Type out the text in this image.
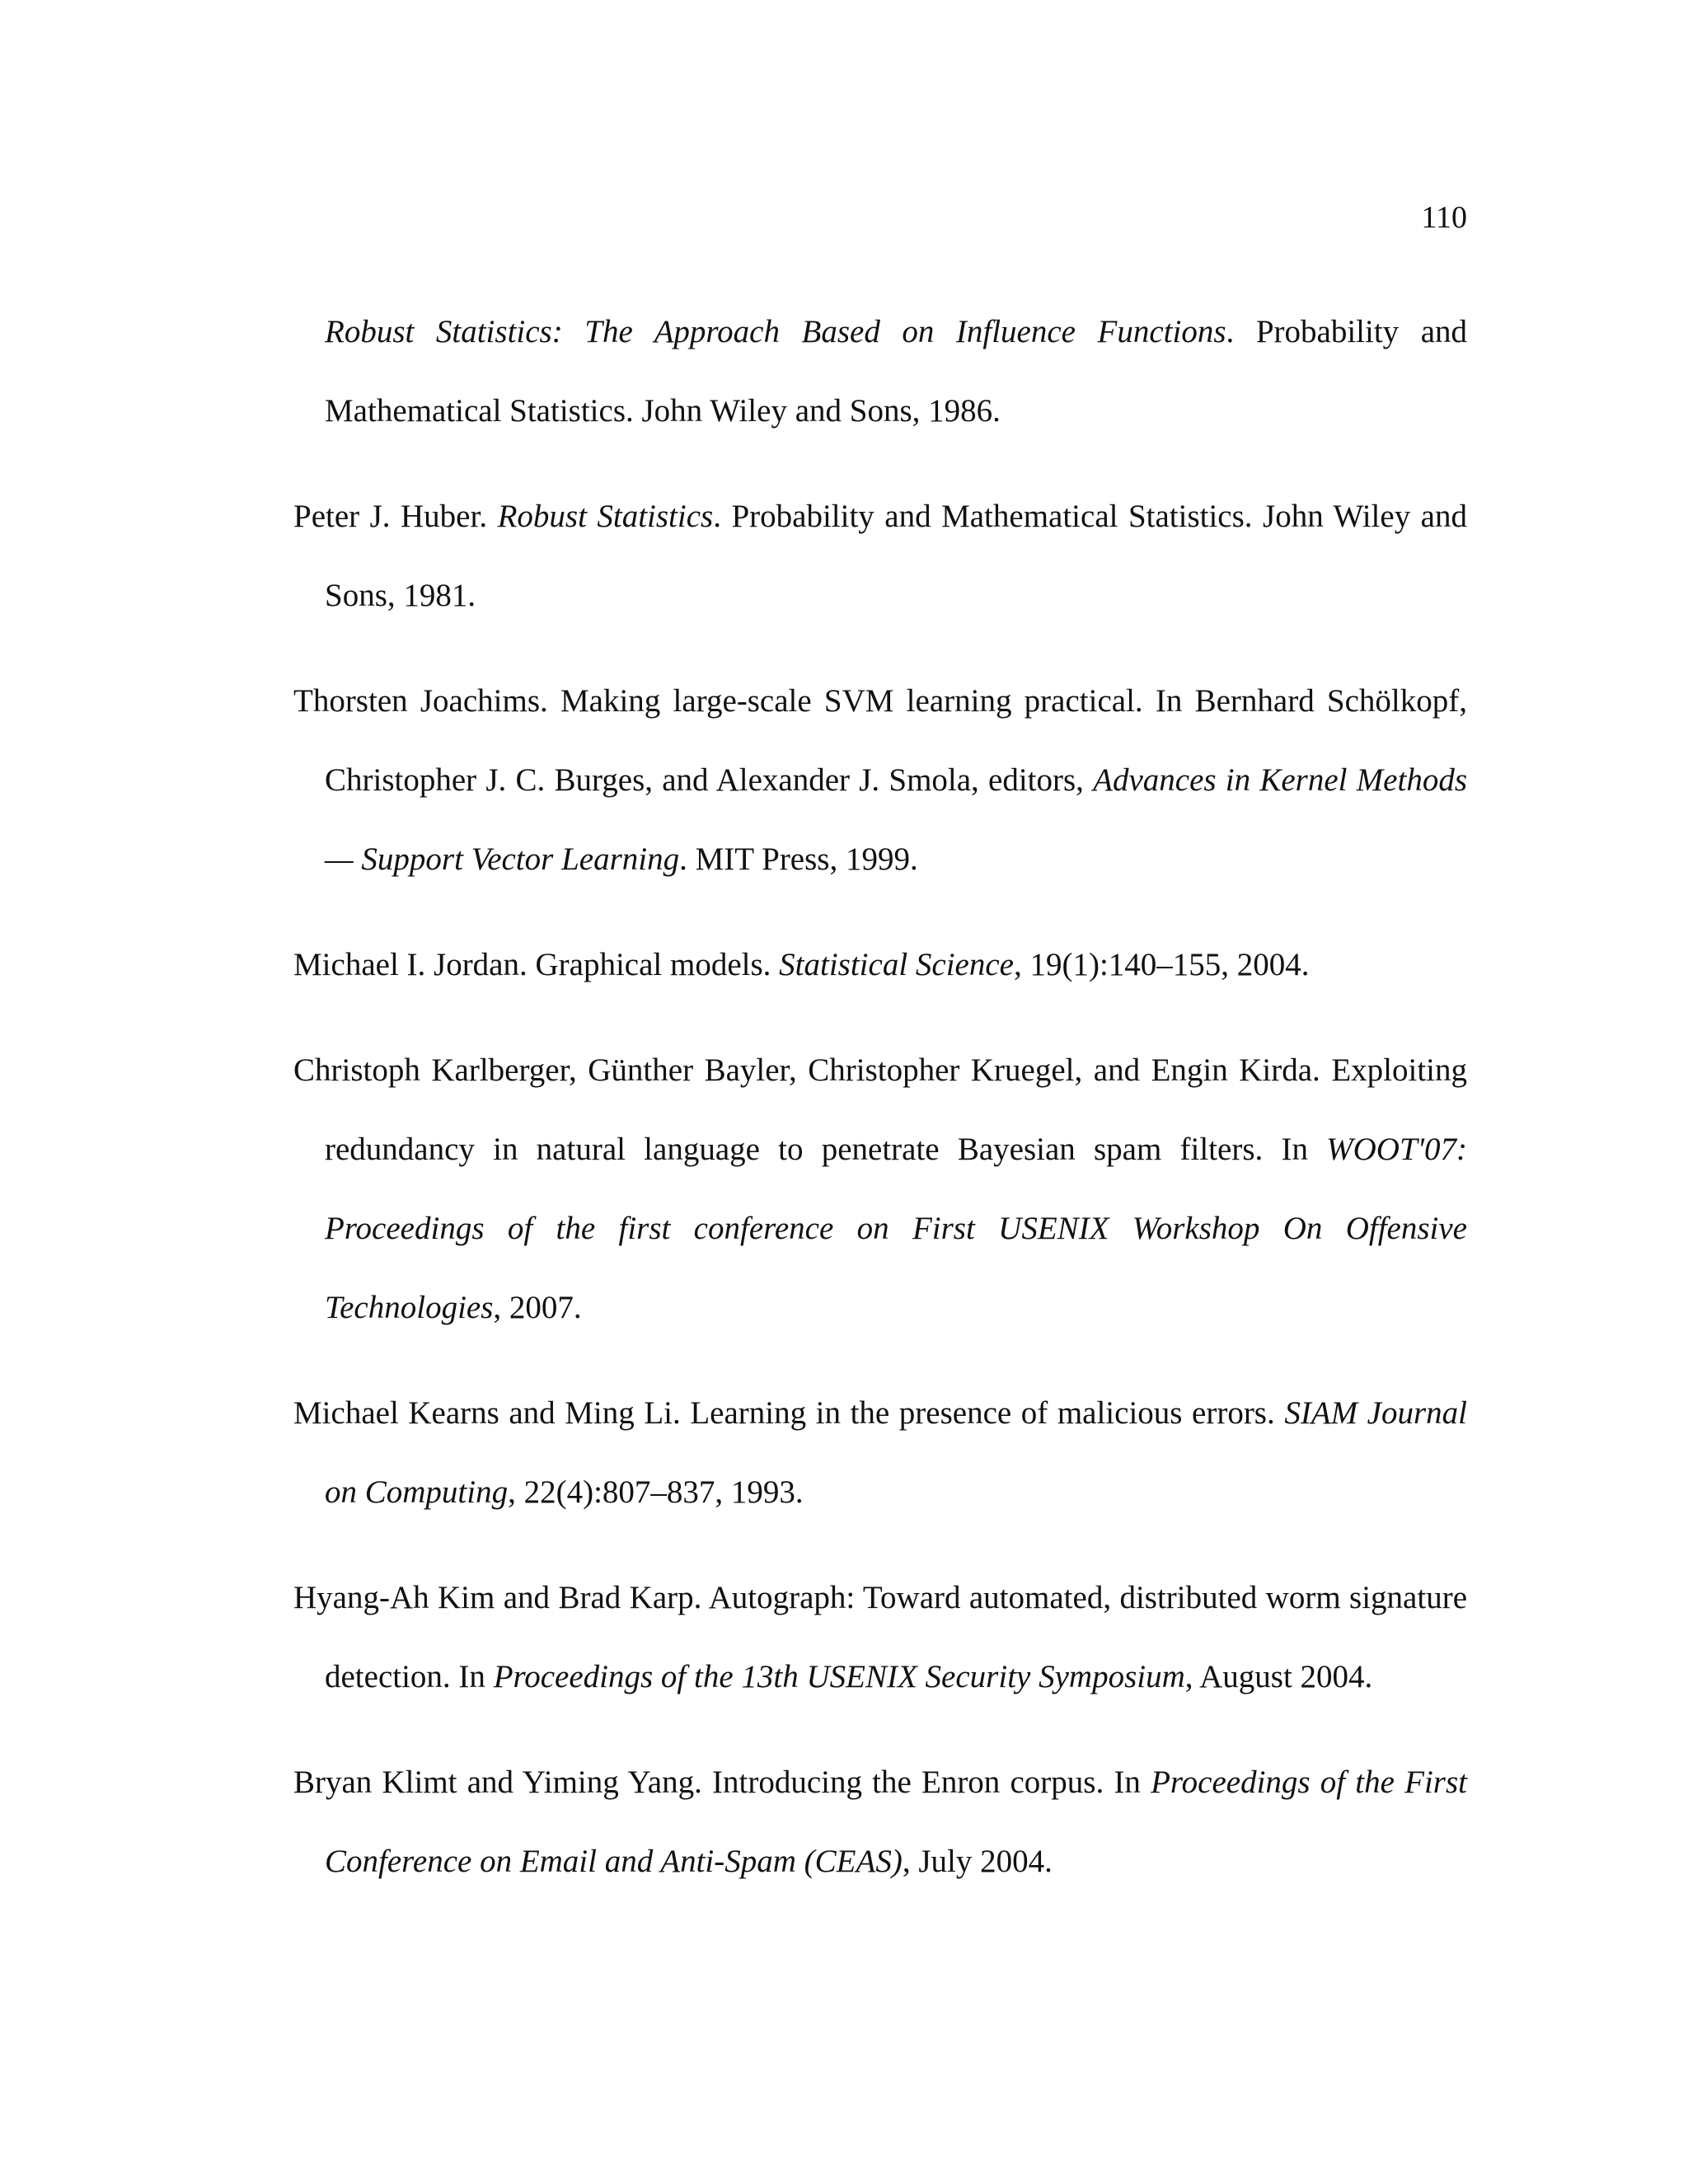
110

Robust Statistics: The Approach Based on Influence Functions. Probability and Mathematical Statistics. John Wiley and Sons, 1986.

Peter J. Huber. Robust Statistics. Probability and Mathematical Statistics. John Wiley and Sons, 1981.

Thorsten Joachims. Making large-scale SVM learning practical. In Bernhard Schölkopf, Christopher J. C. Burges, and Alexander J. Smola, editors, Advances in Kernel Methods — Support Vector Learning. MIT Press, 1999.

Michael I. Jordan. Graphical models. Statistical Science, 19(1):140–155, 2004.

Christoph Karlberger, Günther Bayler, Christopher Kruegel, and Engin Kirda. Exploiting redundancy in natural language to penetrate Bayesian spam filters. In WOOT'07: Proceedings of the first conference on First USENIX Workshop On Offensive Technologies, 2007.

Michael Kearns and Ming Li. Learning in the presence of malicious errors. SIAM Journal on Computing, 22(4):807–837, 1993.

Hyang-Ah Kim and Brad Karp. Autograph: Toward automated, distributed worm signature detection. In Proceedings of the 13th USENIX Security Symposium, August 2004.

Bryan Klimt and Yiming Yang. Introducing the Enron corpus. In Proceedings of the First Conference on Email and Anti-Spam (CEAS), July 2004.
